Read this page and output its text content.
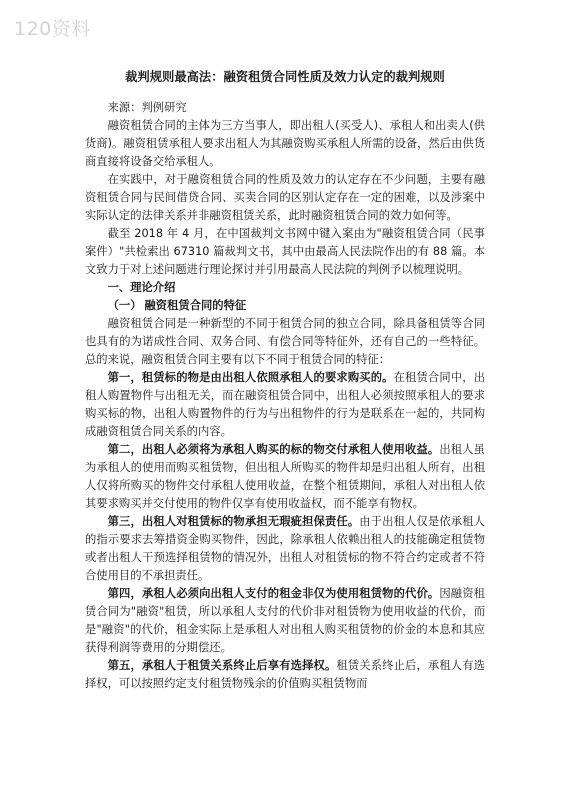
120资料
裁判规则最高法：融资租赁合同性质及效力认定的裁判规则

来源：判例研究

融资租赁合同的主体为三方当事人，即出租人(买受人)、承租人和出卖人(供货商)。融资租赁承租人要求出租人为其融资购买承租人所需的设备，然后由供货商直接将设备交给承租人。

在实践中，对于融资租赁合同的性质及效力的认定存在不少问题，主要有融资租赁合同与民间借贷合同、买卖合同的区别认定存在一定的困难，以及涉案中实际认定的法律关系并非融资租赁关系，此时融资租赁合同的效力如何等。

截至 2018 年 4 月，在中国裁判文书网中键入案由为"融资租赁合同（民事案件）"共检索出 67310 篇裁判文书，其中由最高人民法院作出的有 88 篇。本文致力于对上述问题进行理论探讨并引用最高人民法院的判例予以梳理说明。

一、理论介绍

（一） 融资租赁合同的特征

融资租赁合同是一种新型的不同于租赁合同的独立合同，除具备租赁等合同也具有的为诺成性合同、双务合同、有偿合同等特征外，还有自己的一些特征。总的来说，融资租赁合同主要有以下不同于租赁合同的特征：

第一，租赁标的物是由出租人依照承租人的要求购买的。在租赁合同中，出租人购置物件与出租无关，而在融资租赁合同中，出租人必须按照承租人的要求购买标的物，出租人购置物件的行为与出租物件的行为是联系在一起的，共同构成融资租赁合同关系的内容。

第二，出租人必须将为承租人购买的标的物交付承租人使用收益。出租人虽为承租人的使用而购买租赁物，但出租人所购买的物件却是归出租人所有，出租人仅将所购买的物件交付承租人使用收益，在整个租赁期间，承租人对出租人依其要求购买并交付使用的物件仅享有使用收益权，而不能享有物权。

第三，出租人对租赁标的物承担无瑕疵担保责任。由于出租人仅是依承租人的指示要求去筹措资金购买物件，因此，除承租人依赖出租人的技能确定租赁物或者出租人干预选择租赁物的情况外，出租人对租赁标的物不符合约定或者不符合使用目的不承担责任。

第四，承租人必须向出租人支付的租金非仅为使用租赁物的代价。因融资租赁合同为"融资"租赁，所以承租人支付的代价非对租赁物为使用收益的代价，而是"融资"的代价，租金实际上是承租人对出租人购买租赁物的价金的本息和其应获得利润等费用的分期偿还。

第五，承租人于租赁关系终止后享有选择权。租赁关系终止后，承租人有选择权，可以按照约定支付租赁物残余的价值购买租赁物而
